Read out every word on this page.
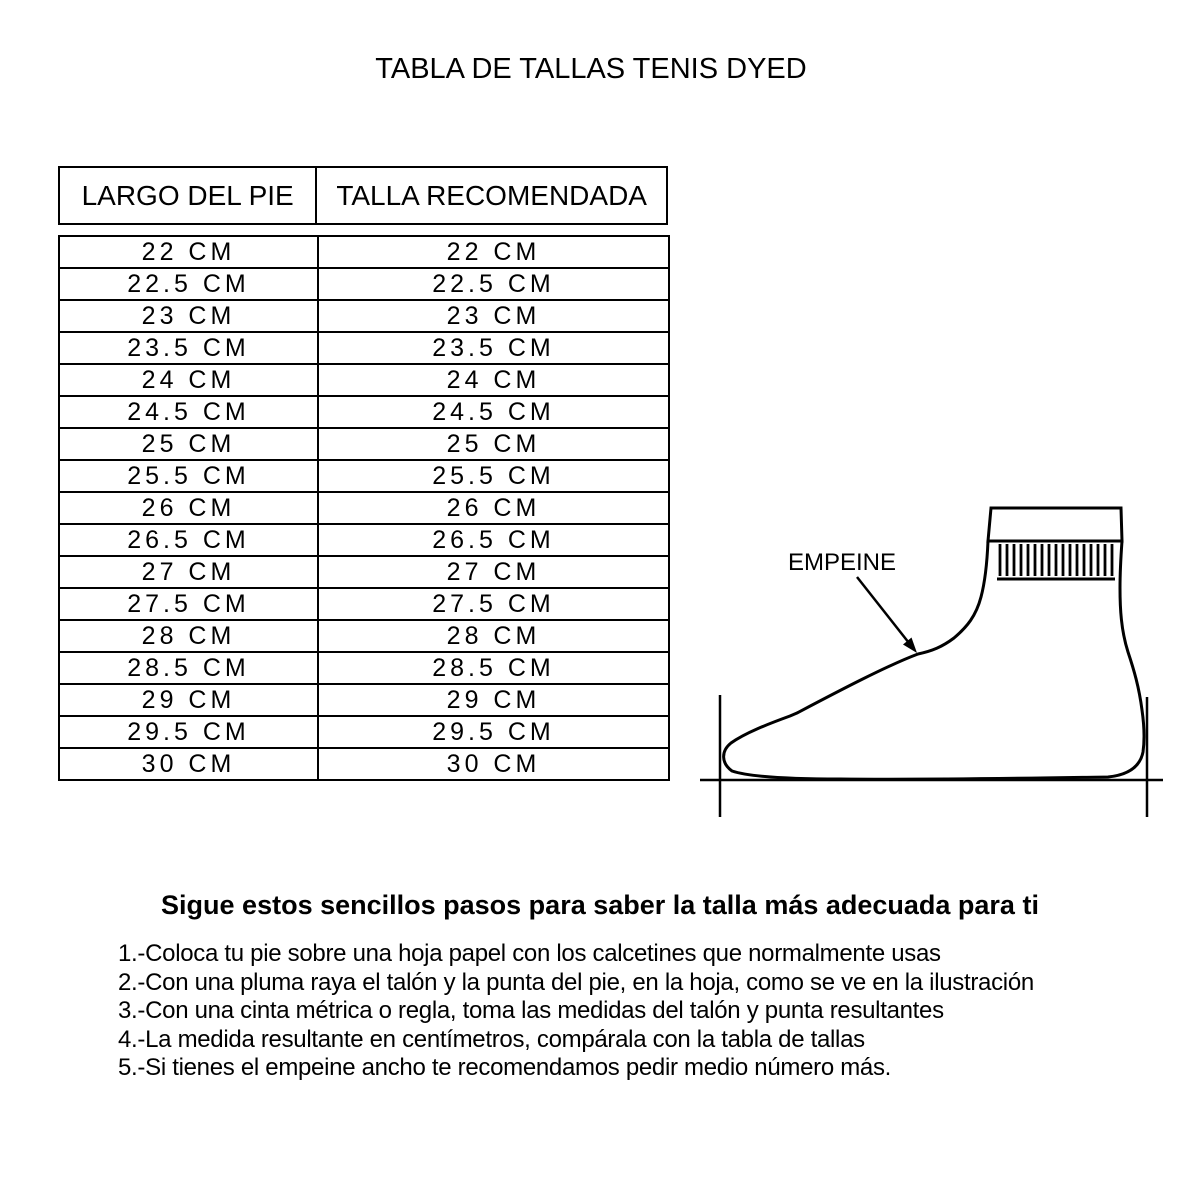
TABLA DE TALLAS TENIS DYED
LARGO DEL PIE	TALLA RECOMENDADA
22 CM	22 CM
22.5 CM	22.5 CM
23 CM	23 CM
23.5 CM	23.5 CM
24 CM	24 CM
24.5 CM	24.5 CM
25 CM	25 CM
25.5 CM	25.5 CM
26 CM	26 CM
26.5 CM	26.5 CM
27 CM	27 CM
27.5 CM	27.5 CM
28 CM	28 CM
28.5 CM	28.5 CM
29 CM	29 CM
29.5 CM	29.5 CM
30 CM	30 CM
EMPEINE
Sigue estos sencillos pasos para saber la talla más adecuada para ti
1.-Coloca tu pie sobre una hoja papel con los calcetines que normalmente usas
2.-Con una pluma raya el talón y la punta del pie, en la hoja, como se ve en la ilustración
3.-Con una cinta métrica o regla, toma las medidas del talón y punta resultantes
4.-La medida resultante en centímetros, compárala con la tabla de tallas
5.-Si tienes el empeine ancho te recomendamos pedir medio número más.
